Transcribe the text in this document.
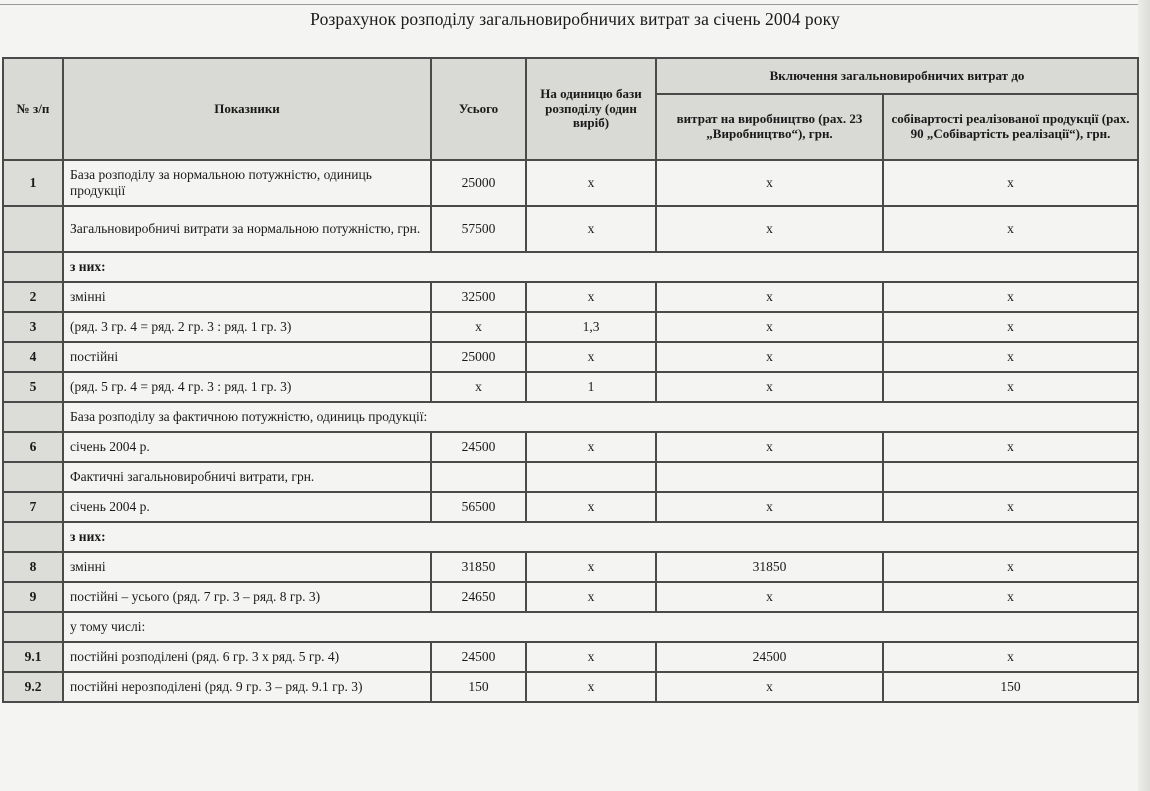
Розрахунок розподілу загальновиробничих витрат за січень 2004 року
№ з/п	Показники	Усього	На одиницю бази розподілу (один виріб)	Включення загальновиробничих витрат до	
				витрат на виробництво (рах. 23 „Виробництво“), грн.	собівартості реалізованої продукції (рах. 90 „Собівартість реалізації“), грн.
1	База розподілу за нормальною потужністю, одиниць продукції	25000	х	х	х
	Загальновиробничі витрати за нормальною потужністю, грн.	57500	х	х	х
	з них:				
2	змінні	32500	х	х	х
3	(ряд. 3 гр. 4 = ряд. 2 гр. 3 : ряд. 1 гр. 3)	х	1,3	х	х
4	постійні	25000	х	х	х
5	(ряд. 5 гр. 4 = ряд. 4 гр. 3 : ряд. 1 гр. 3)	х	1	х	х
	База розподілу за фактичною потужністю, одиниць продукції:				
6	січень 2004 р.	24500	х	х	х
	Фактичні загальновиробничі витрати, грн.				
7	січень 2004 р.	56500	х	х	х
	з них:				
8	змінні	31850	х	31850	х
9	постійні – усього (ряд. 7 гр. 3 – ряд. 8 гр. 3)	24650	х	х	х
	у тому числі:				
9.1	постійні розподілені (ряд. 6 гр. 3 х ряд. 5 гр. 4)	24500	х	24500	х
9.2	постійні нерозподілені (ряд. 9 гр. 3 – ряд. 9.1 гр. 3)	150	х	х	150
